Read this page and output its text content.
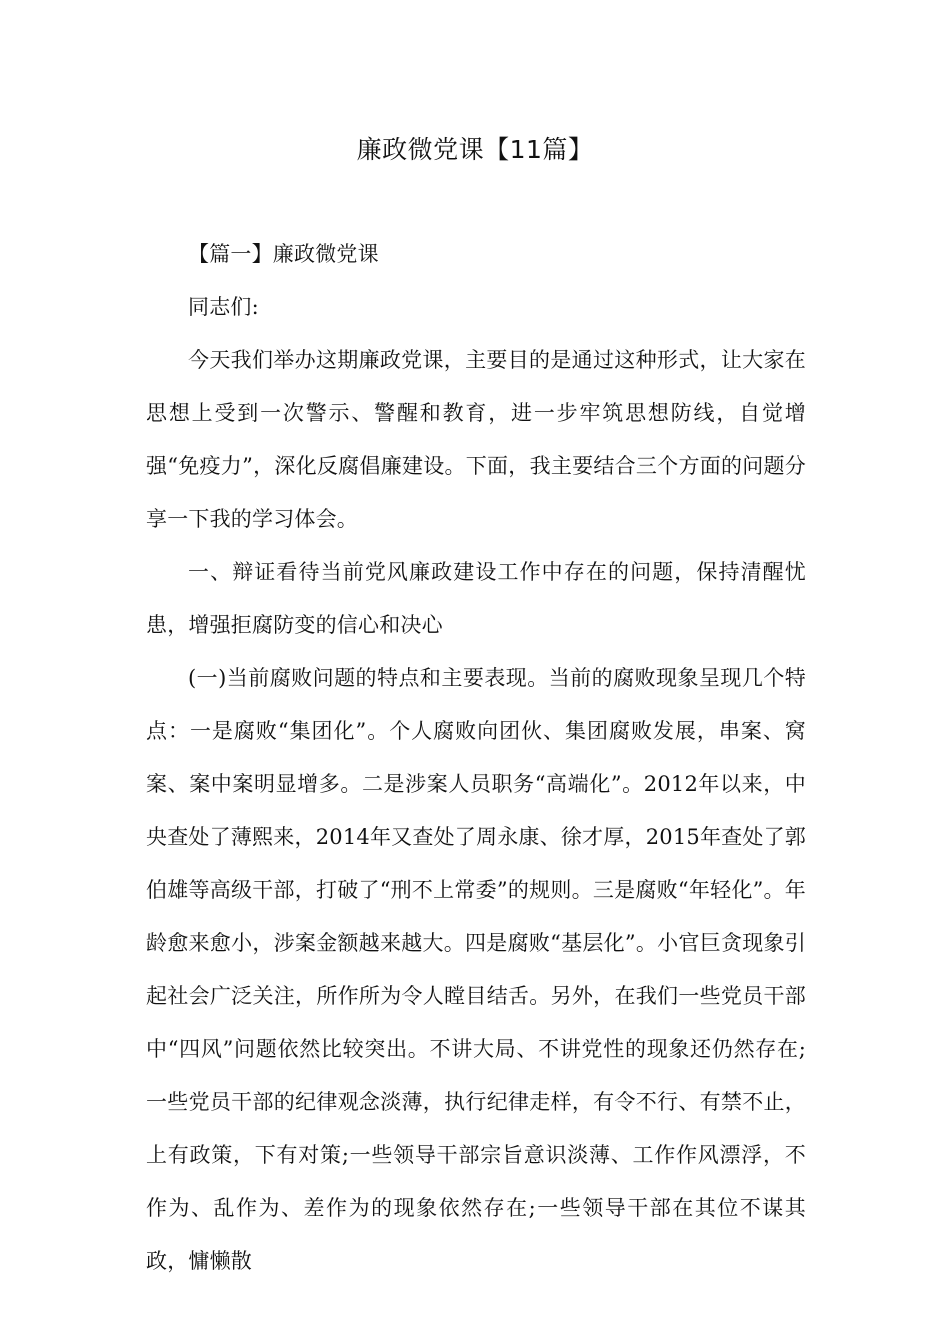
廉政微党课【11篇】

【篇一】廉政微党课

同志们:

今天我们举办这期廉政党课，主要目的是通过这种形式，让大家在思想上受到一次警示、警醒和教育，进一步牢筑思想防线，自觉增强“免疫力”，深化反腐倡廉建设。下面，我主要结合三个方面的问题分享一下我的学习体会。

一、辩证看待当前党风廉政建设工作中存在的问题，保持清醒忧患，增强拒腐防变的信心和决心

(一)当前腐败问题的特点和主要表现。当前的腐败现象呈现几个特点：一是腐败“集团化”。个人腐败向团伙、集团腐败发展，串案、窝案、案中案明显增多。二是涉案人员职务“高端化”。2012年以来，中央查处了薄熙来，2014年又查处了周永康、徐才厚，2015年查处了郭伯雄等高级干部，打破了“刑不上常委”的规则。三是腐败“年轻化”。年龄愈来愈小，涉案金额越来越大。四是腐败“基层化”。小官巨贪现象引起社会广泛关注，所作所为令人瞠目结舌。另外，在我们一些党员干部中“四风”问题依然比较突出。不讲大局、不讲党性的现象还仍然存在;一些党员干部的纪律观念淡薄，执行纪律走样，有令不行、有禁不止，上有政策，下有对策;一些领导干部宗旨意识淡薄、工作作风漂浮，不作为、乱作为、差作为的现象依然存在;一些领导干部在其位不谋其政，慵懒散
